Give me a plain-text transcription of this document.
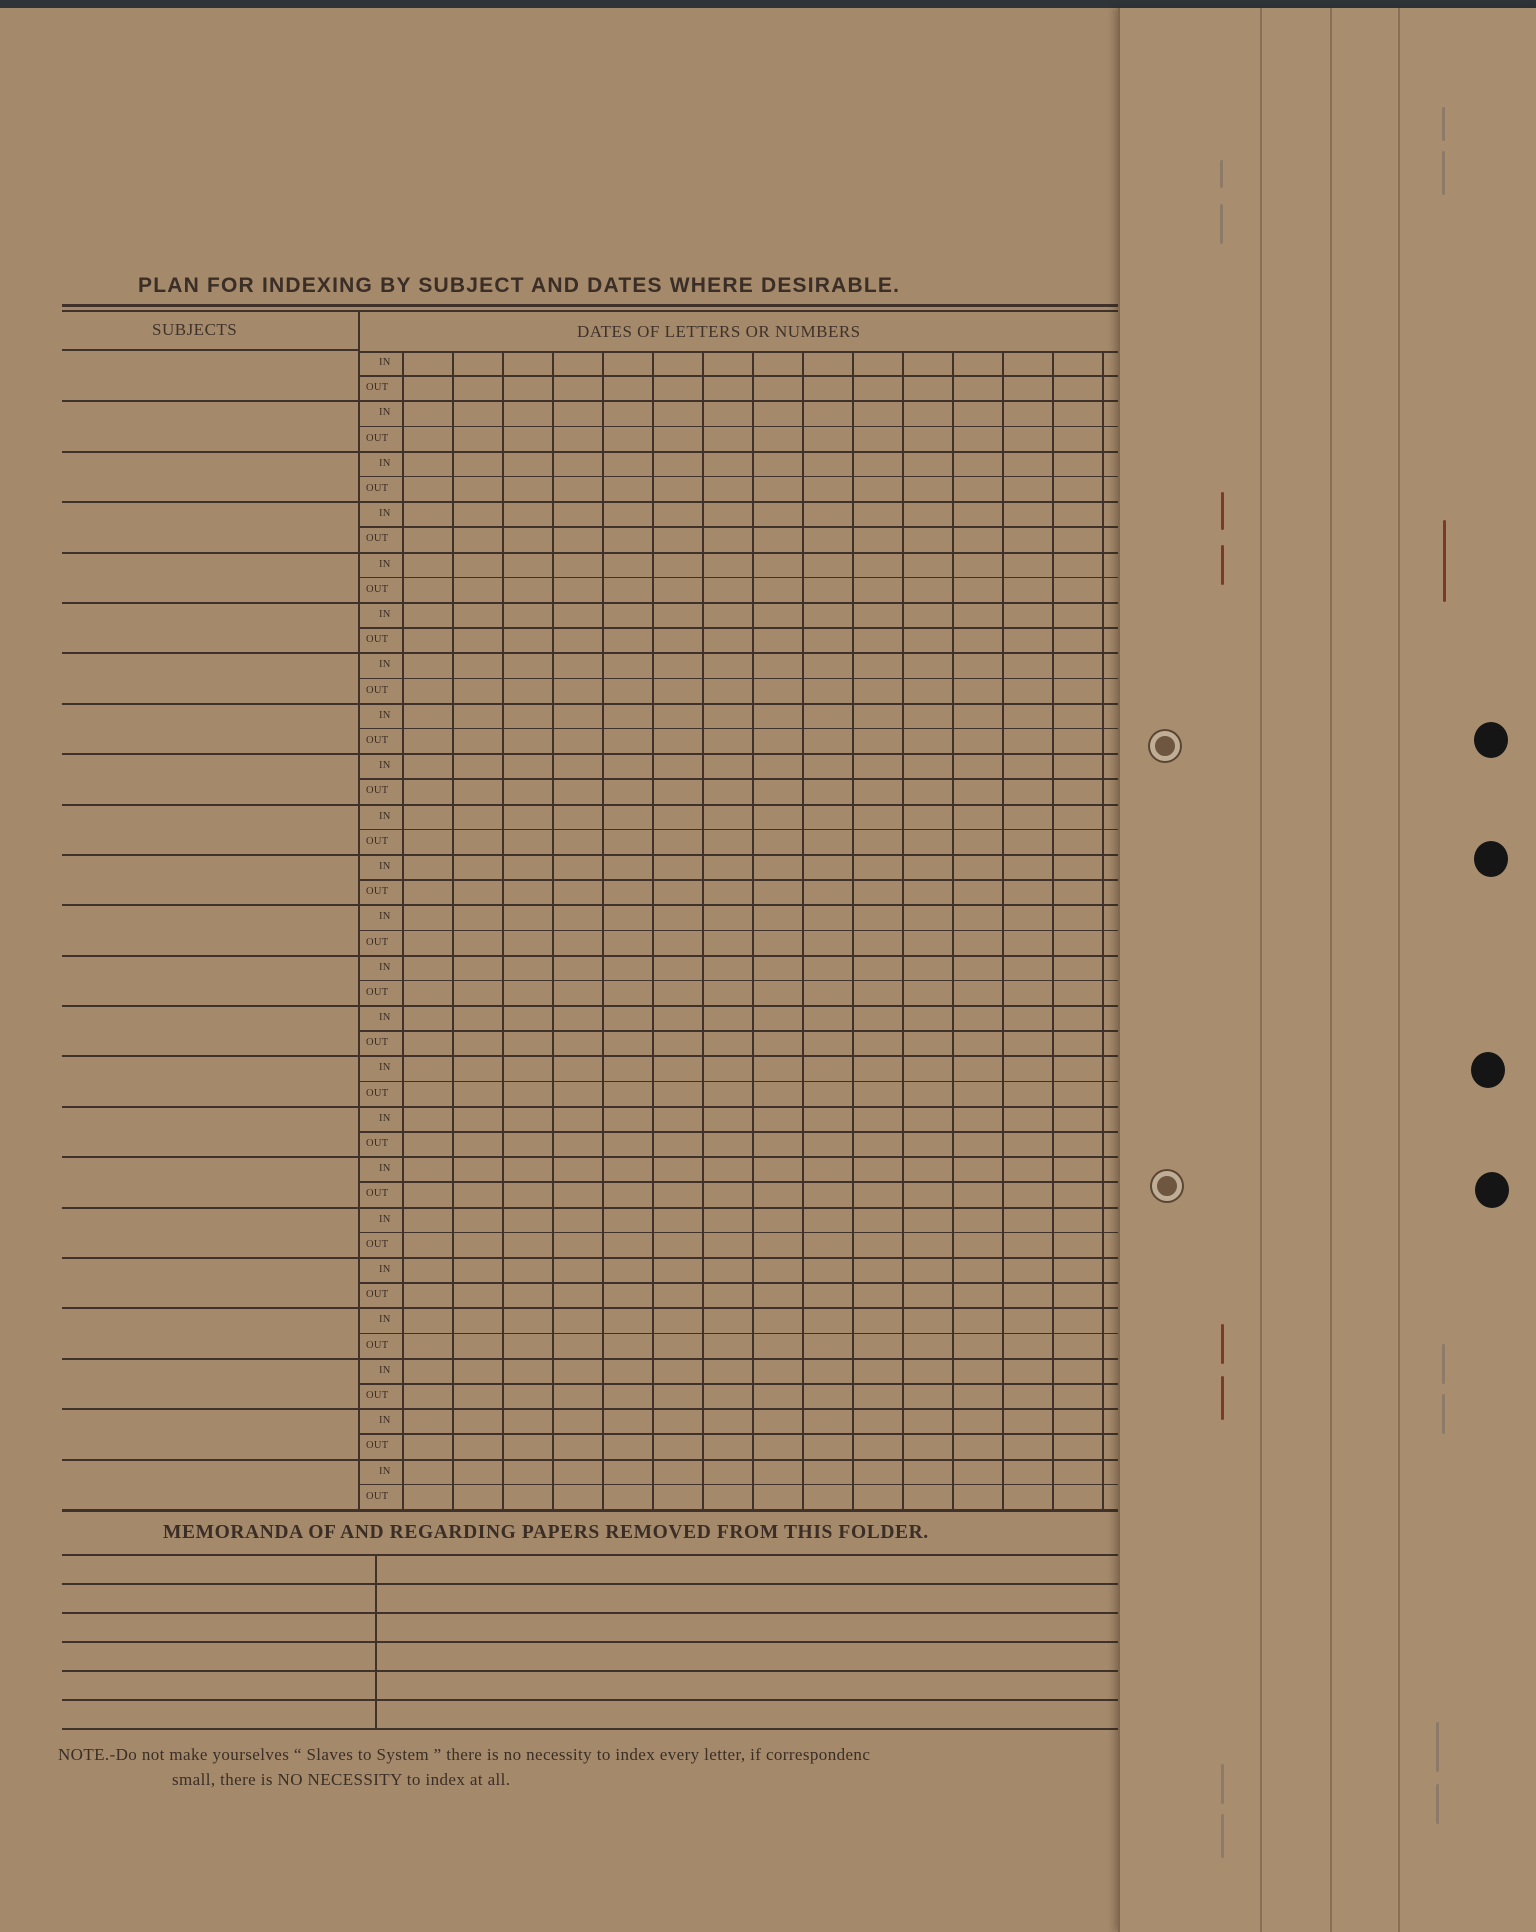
PLAN FOR INDEXING BY SUBJECT AND DATES WHERE DESIRABLE.
SUBJECTS	DATES OF LETTERS OR NUMBERS
IN
OUT
IN
OUT
IN
OUT
IN
OUT
IN
OUT
IN
OUT
IN
OUT
IN
OUT
IN
OUT
IN
OUT
IN
OUT
IN
OUT
IN
OUT
IN
OUT
IN
OUT
IN
OUT
IN
OUT
IN
OUT
IN
OUT
IN
OUT
IN
OUT
IN
OUT
IN
OUT
MEMORANDA OF AND REGARDING PAPERS REMOVED FROM THIS FOLDER.
NOTE.-Do not make yourselves “ Slaves to System ” there is no necessity to index every letter, if correspondenc
small, there is NO NECESSITY to index at all.
